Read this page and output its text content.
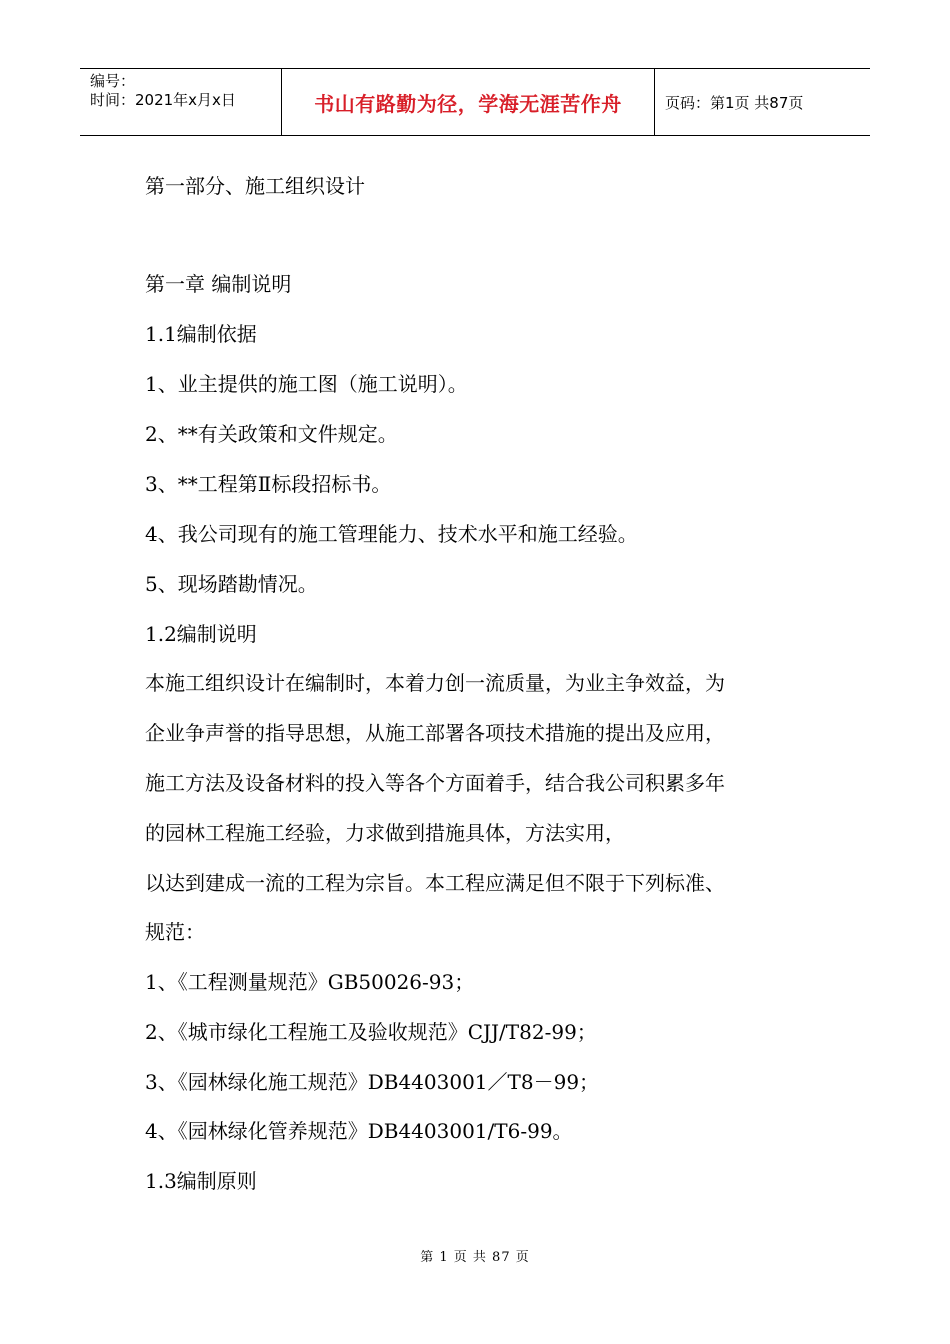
编号：
时间：2021年x月x日	书山有路勤为径，学海无涯苦作舟	页码：第1页 共87页
第一部分、施工组织设计
第一章 编制说明
1.1编制依据
1、业主提供的施工图（施工说明）。
2、**有关政策和文件规定。
3、**工程第Ⅱ标段招标书。
4、我公司现有的施工管理能力、技术水平和施工经验。
5、现场踏勘情况。
1.2编制说明
本施工组织设计在编制时，本着力创一流质量，为业主争效益，为
企业争声誉的指导思想，从施工部署各项技术措施的提出及应用，
施工方法及设备材料的投入等各个方面着手，结合我公司积累多年
的园林工程施工经验，力求做到措施具体，方法实用，
以达到建成一流的工程为宗旨。本工程应满足但不限于下列标准、
规范：
1、《工程测量规范》GB50026-93；
2、《城市绿化工程施工及验收规范》CJJ/T82-99；
3、《园林绿化施工规范》DB4403001／T8－99；
4、《园林绿化管养规范》DB4403001/T6-99。
1.3编制原则
第 1 页 共 87 页
